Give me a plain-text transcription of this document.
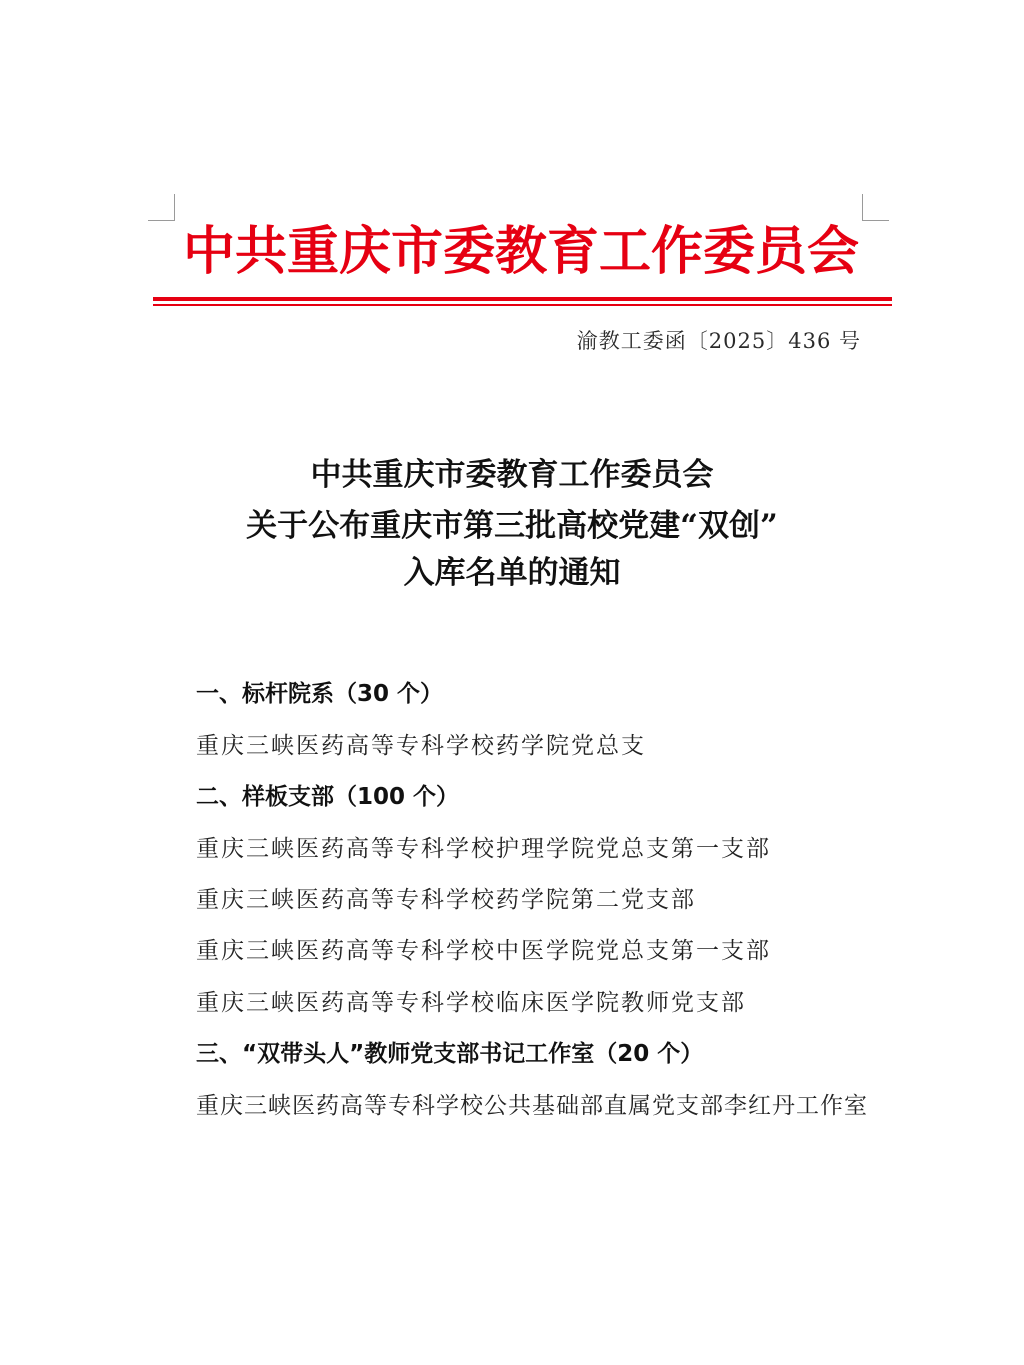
中共重庆市委教育工作委员会
渝教工委函〔2025〕436 号
中共重庆市委教育工作委员会
关于公布重庆市第三批高校党建“双创”
入库名单的通知
一、标杆院系（30 个）
重庆三峡医药高等专科学校药学院党总支
二、样板支部（100 个）
重庆三峡医药高等专科学校护理学院党总支第一支部
重庆三峡医药高等专科学校药学院第二党支部
重庆三峡医药高等专科学校中医学院党总支第一支部
重庆三峡医药高等专科学校临床医学院教师党支部
三、“双带头人”教师党支部书记工作室（20 个）
重庆三峡医药高等专科学校公共基础部直属党支部李红丹工作室
